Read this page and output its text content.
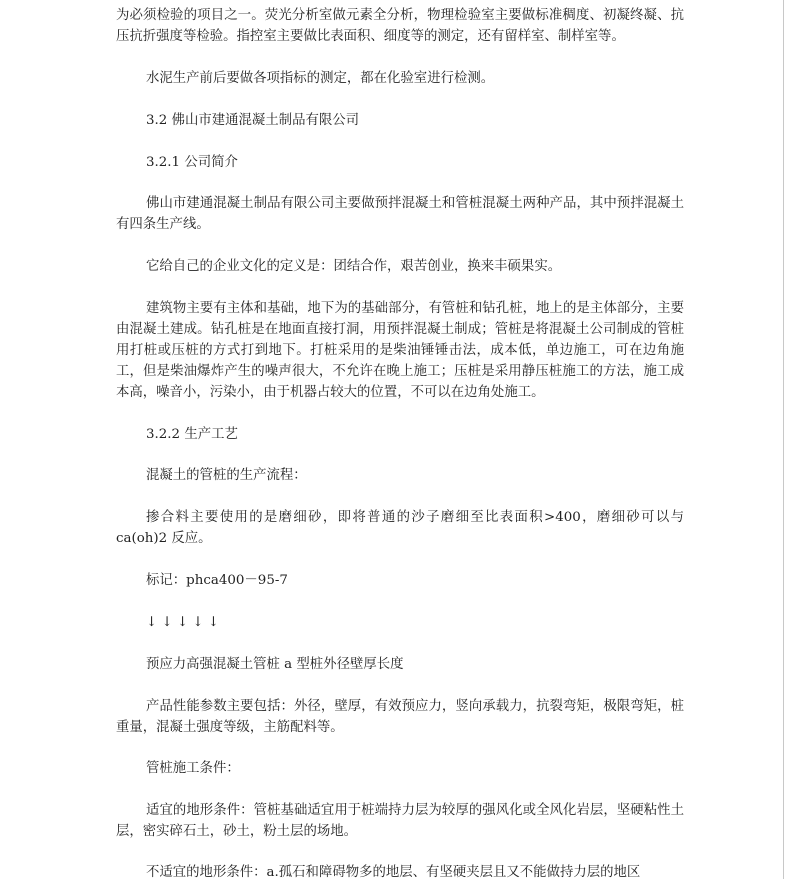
为必须检验的项目之一。荧光分析室做元素全分析，物理检验室主要做标准稠度、初凝终凝、抗压抗折强度等检验。指控室主要做比表面积、细度等的测定，还有留样室、制样室等。

水泥生产前后要做各项指标的测定，都在化验室进行检测。

3.2 佛山市建通混凝土制品有限公司

3.2.1 公司简介

佛山市建通混凝土制品有限公司主要做预拌混凝土和管桩混凝土两种产品，其中预拌混凝土有四条生产线。

它给自己的企业文化的定义是：团结合作，艰苦创业，换来丰硕果实。

建筑物主要有主体和基础，地下为的基础部分，有管桩和钻孔桩，地上的是主体部分，主要由混凝土建成。钻孔桩是在地面直接打洞，用预拌混凝土制成；管桩是将混凝土公司制成的管桩用打桩或压桩的方式打到地下。打桩采用的是柴油锤锤击法，成本低，单边施工，可在边角施工，但是柴油爆炸产生的噪声很大，不允许在晚上施工；压桩是采用静压桩施工的方法，施工成本高，噪音小，污染小，由于机器占较大的位置，不可以在边角处施工。

3.2.2 生产工艺

混凝土的管桩的生产流程：

掺合料主要使用的是磨细砂，即将普通的沙子磨细至比表面积>400，磨细砂可以与ca(oh)2 反应。

标记：phca400－95-7

↓ ↓ ↓ ↓ ↓

预应力高强混凝土管桩 a 型桩外径壁厚长度

产品性能参数主要包括：外径，壁厚，有效预应力，竖向承载力，抗裂弯矩，极限弯矩，桩重量，混凝土强度等级，主筋配料等。

管桩施工条件：

适宜的地形条件：管桩基础适宜用于桩端持力层为较厚的强风化或全风化岩层，坚硬粘性土层，密实碎石土，砂土，粉土层的场地。

不适宜的地形条件：a.孤石和障碍物多的地层、有坚硬夹层且又不能做持力层的地区
